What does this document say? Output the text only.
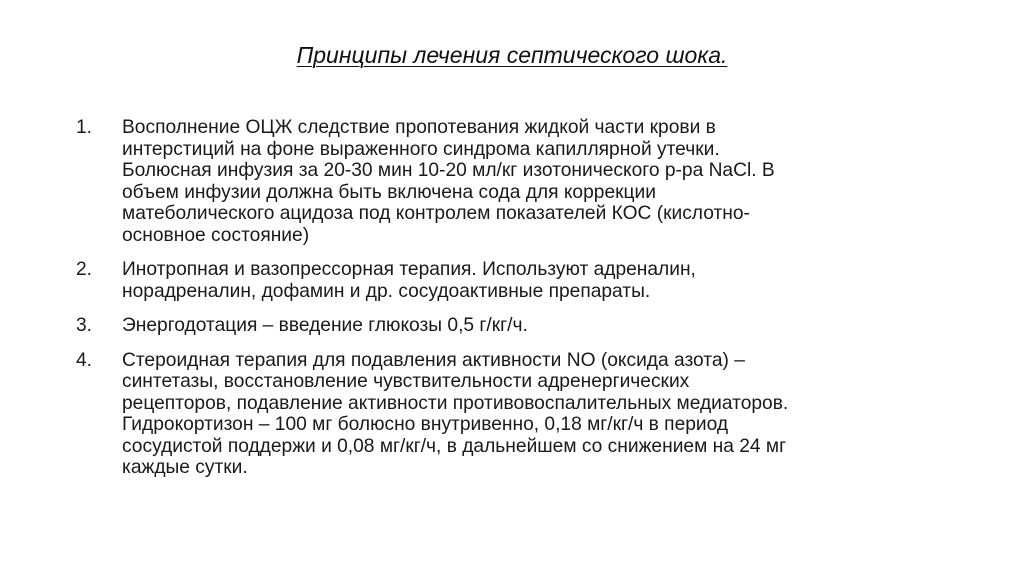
Принципы лечения септического шока.
1. Восполнение ОЦЖ следствие пропотевания жидкой части крови в
интерстиций на фоне выраженного синдрома капиллярной утечки.
Болюсная инфузия за 20-30 мин 10-20 мл/кг изотонического р-ра NaCl. В
объем инфузии должна быть включена сода для коррекции
матеболического ацидоза под контролем показателей КОС (кислотно-
основное состояние)
2. Инотропная и вазопрессорная терапия. Используют адреналин,
норадреналин, дофамин и др. сосудоактивные препараты.
3. Энергодотация – введение глюкозы 0,5 г/кг/ч.
4. Стероидная терапия для подавления активности NO (оксида азота) –
синтетазы, восстановление чувствительности адренергических
рецепторов, подавление активности противовоспалительных медиаторов.
Гидрокортизон – 100 мг болюсно внутривенно, 0,18 мг/кг/ч в период
сосудистой поддержи и 0,08 мг/кг/ч, в дальнейшем со снижением на 24 мг
каждые сутки.
